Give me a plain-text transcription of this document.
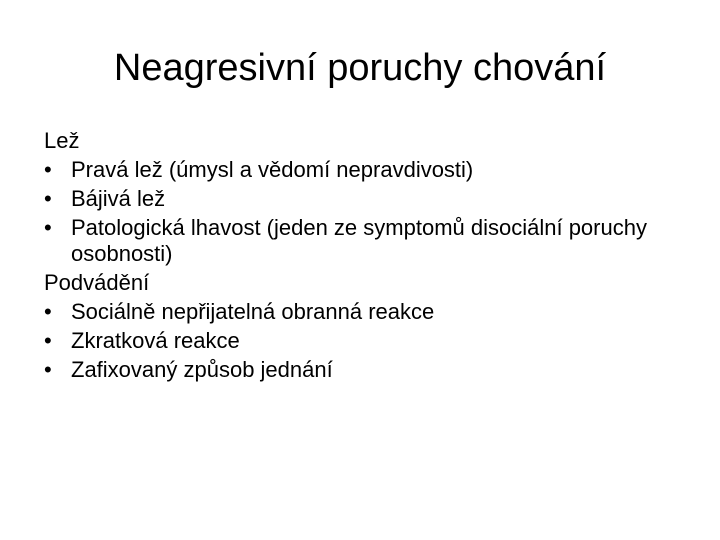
Neagresivní poruchy chování
Lež
• Pravá lež (úmysl a vědomí nepravdivosti)
• Bájivá lež
• Patologická lhavost (jeden ze symptomů disociální poruchy osobnosti)
Podvádění
• Sociálně nepřijatelná obranná reakce
• Zkratková reakce
• Zafixovaný způsob jednání
